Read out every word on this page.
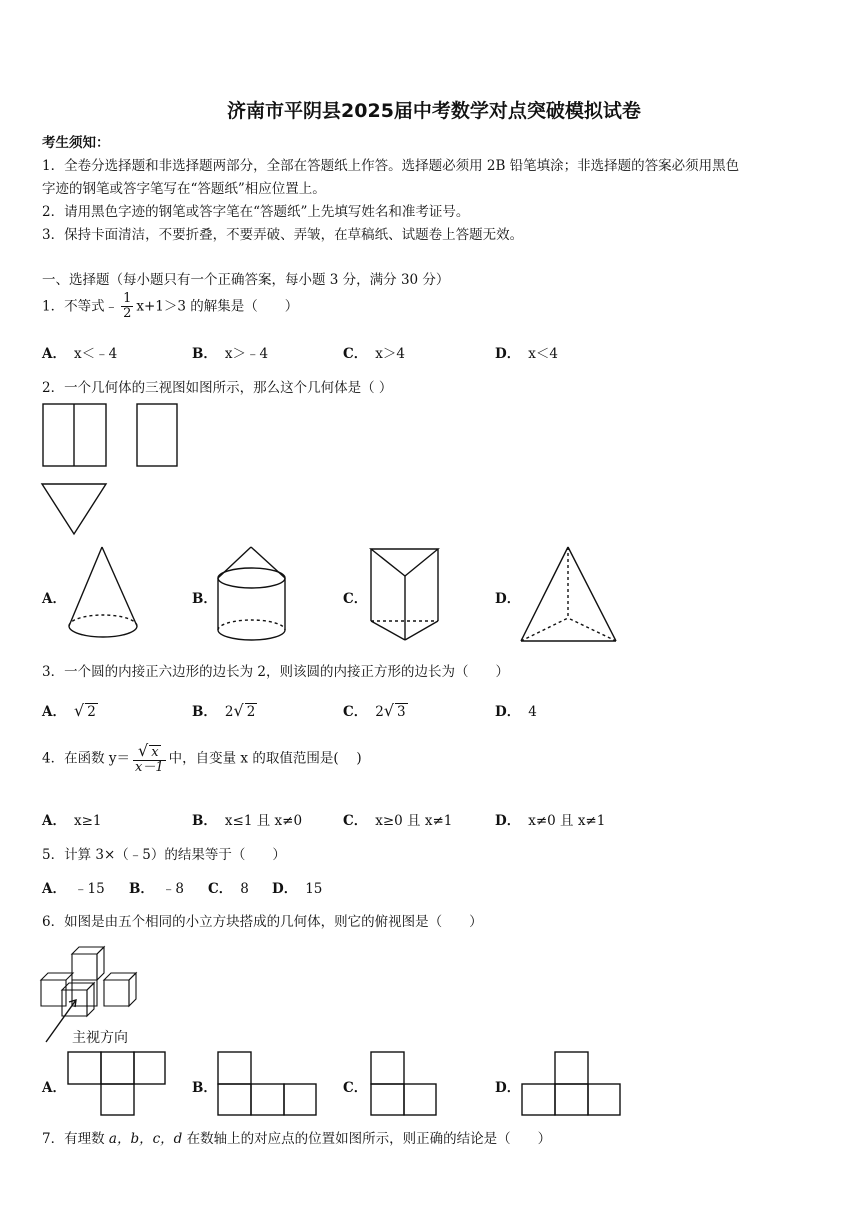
济南市平阴县2025届中考数学对点突破模拟试卷
考生须知：
1．全卷分选择题和非选择题两部分，全部在答题纸上作答。选择题必须用 2B 铅笔填涂；非选择题的答案必须用黑色
字迹的钢笔或答字笔写在“答题纸”相应位置上。
2．请用黑色字迹的钢笔或答字笔在“答题纸”上先填写姓名和准考证号。
3．保持卡面清洁，不要折叠，不要弄破、弄皱，在草稿纸、试题卷上答题无效。
一、选择题（每小题只有一个正确答案，每小题 3 分，满分 30 分）
1．不等式﹣ $\frac{1}{2} x+1>3$ 的解集是（　　）
A． x＜﹣4	B． x＞﹣4	C． x＞4	D． x＜4
2．一个几何体的三视图如图所示，那么这个几何体是（ ）
A．	B．	C．	D．
3．一个圆的内接正六边形的边长为 2，则该圆的内接正方形的边长为（　　）
A． √ 2	B． 2√ 2	C． 2√ 3	D． 4
4．在函数 $y= \frac{√ x}{x-1}$ 中，自变量 x 的取值范围是(　 )
A． x≥1	B． x≤1 且 x≠0	C． x≥0 且 x≠1	D． x≠0 且 x≠1
5．计算 3×（﹣5）的结果等于（　　）
A． ﹣15 B． ﹣8 C． 8 D． 15
6．如图是由五个相同的小立方块搭成的几何体，则它的俯视图是（　　）
主视方向
A．	B．	C．	D．
7．有理数 a，b，c，d 在数轴上的对应点的位置如图所示，则正确的结论是（　　）
